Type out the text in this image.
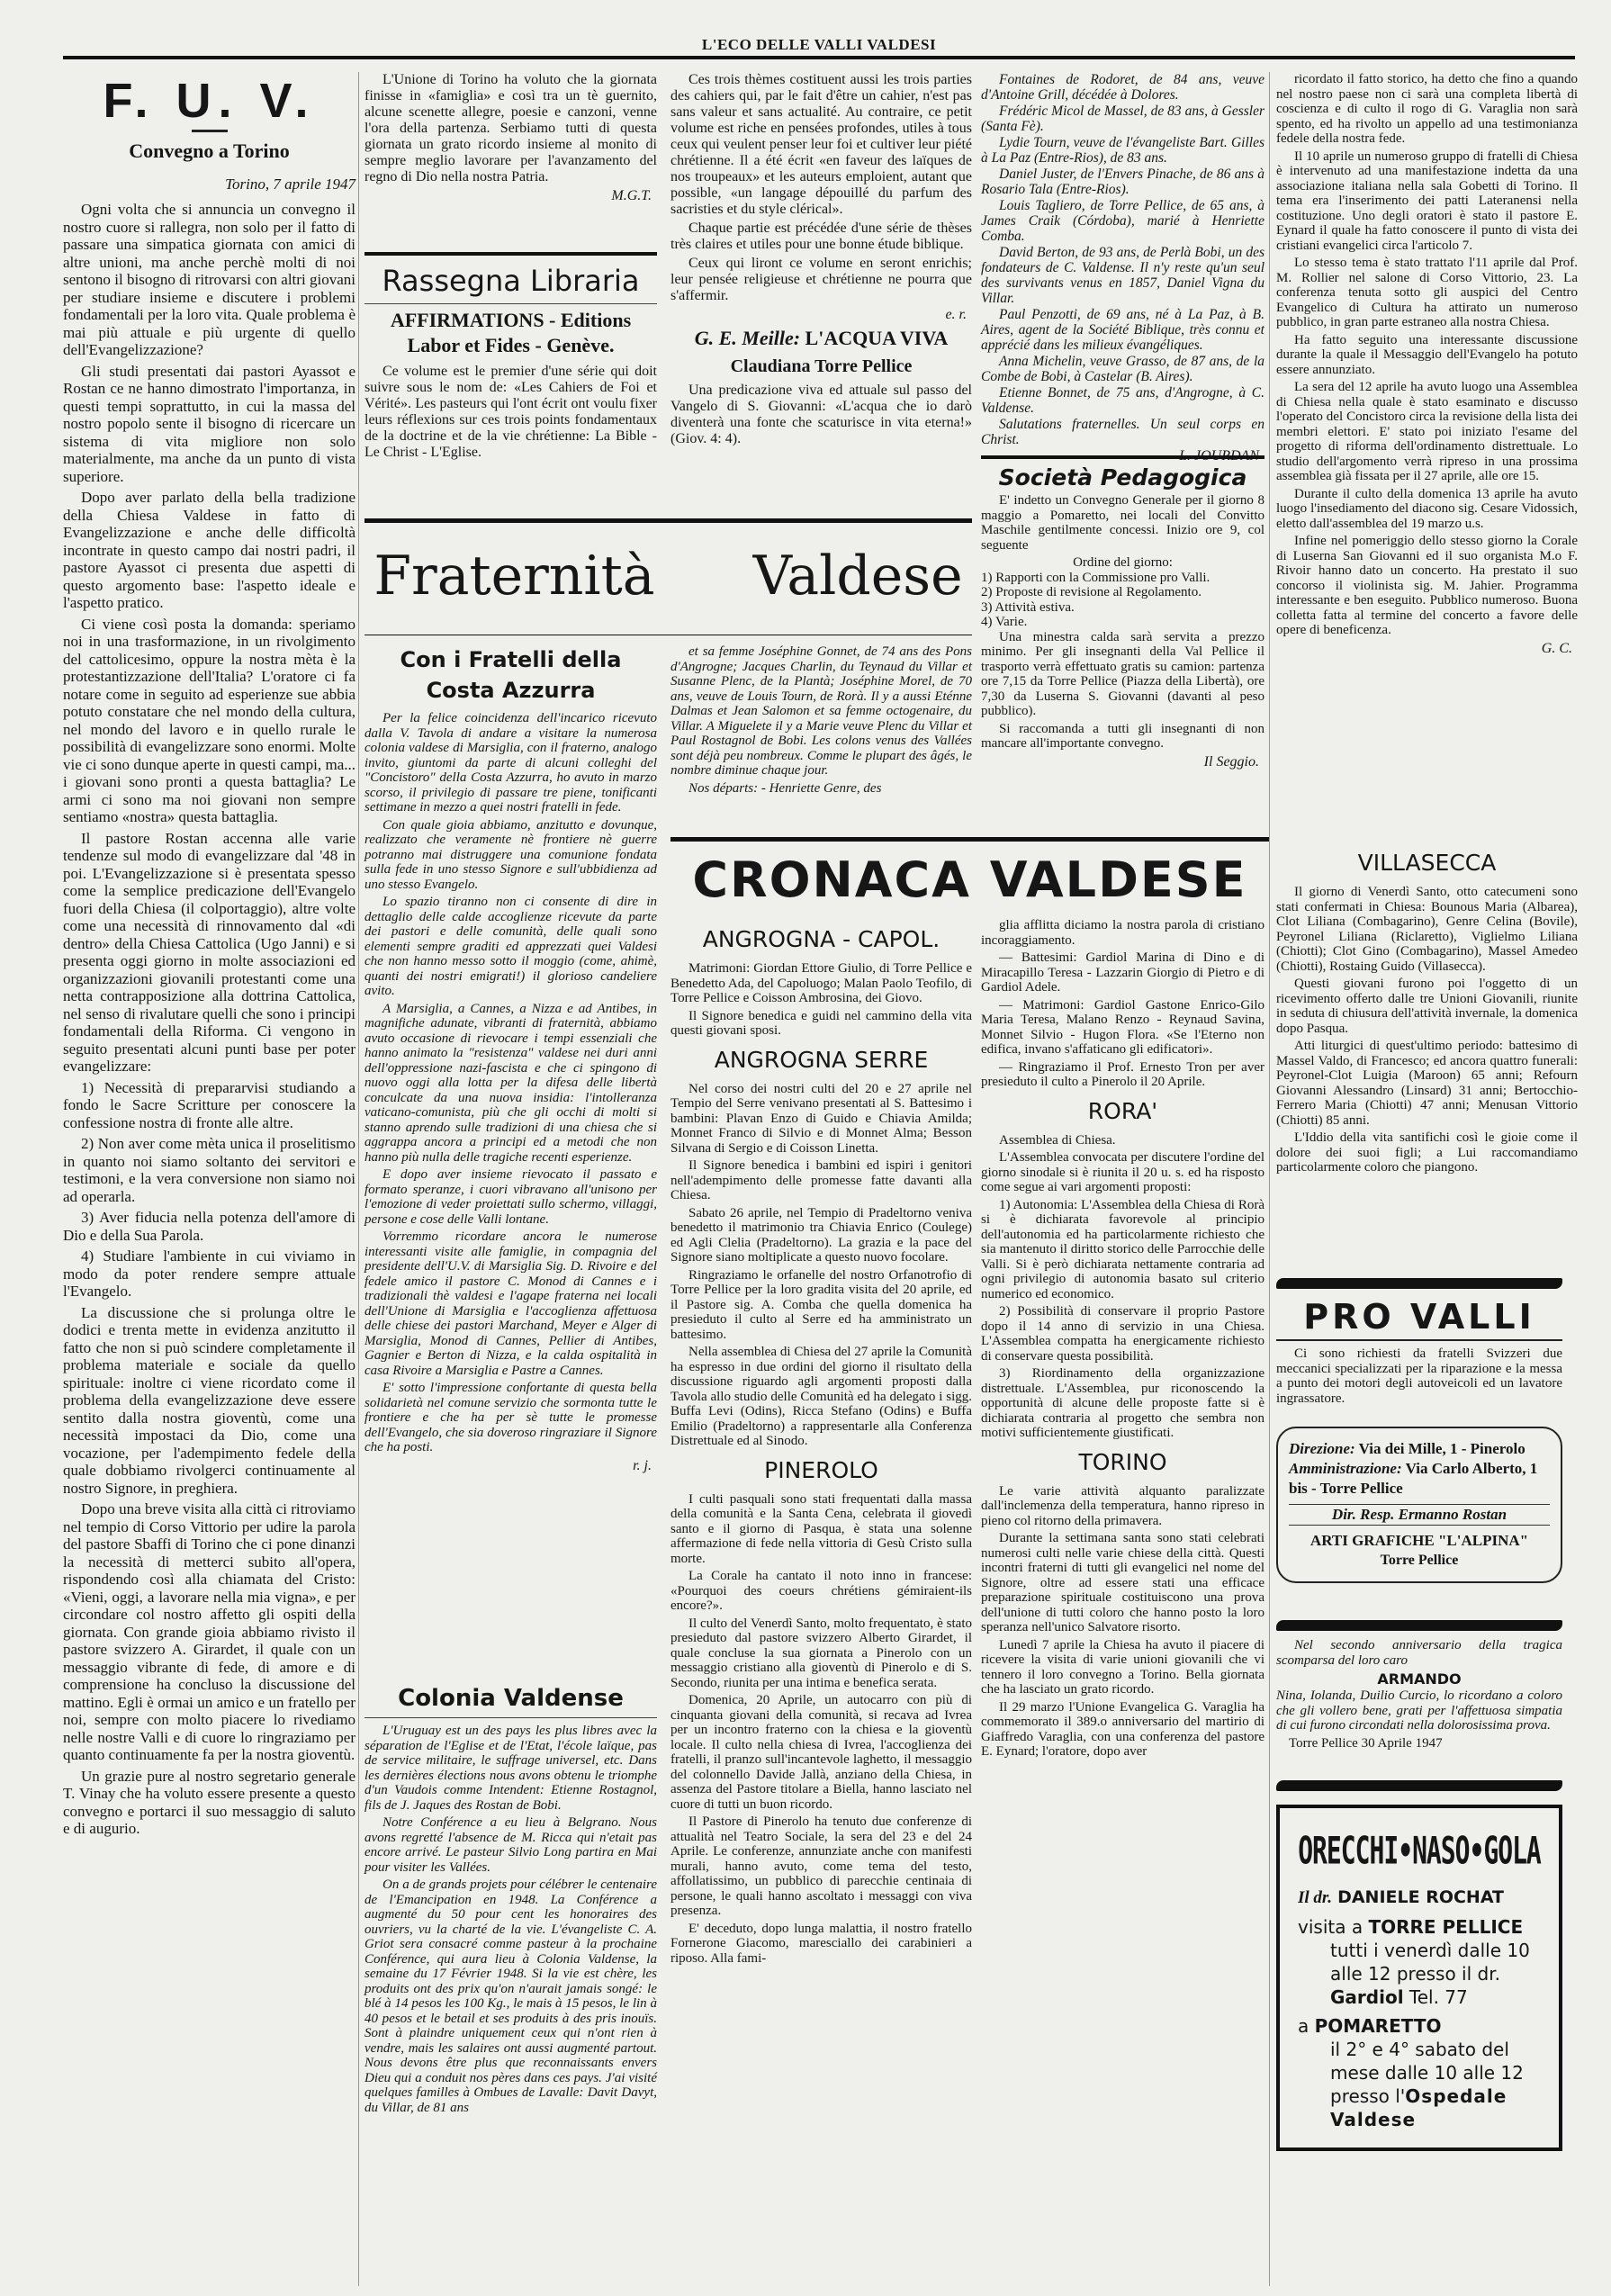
L'ECO DELLE VALLI VALDESI
F. U. V.
Convegno a Torino
Torino, 7 aprile 1947

Ogni volta che si annuncia un convegno il nostro cuore si rallegra, non solo per il fatto di passare una simpatica giornata con amici di altre unioni, ma anche perchè molti di noi sentono il bisogno di ritrovarsi con altri giovani per studiare insieme e discutere i problemi fondamentali per la loro vita. Quale problema è mai più attuale e più urgente di quello dell'Evangelizzazione?

Gli studi presentati dai pastori Ayassot e Rostan ce ne hanno dimostrato l'importanza, in questi tempi soprattutto, in cui la massa del nostro popolo sente il bisogno di ricercare un sistema di vita migliore non solo materialmente, ma anche da un punto di vista superiore.

Dopo aver parlato della bella tradizione della Chiesa Valdese in fatto di Evangelizzazione e anche delle difficoltà incontrate in questo campo dai nostri padri, il pastore Ayassot ci presenta due aspetti di questo argomento base: l'aspetto ideale e l'aspetto pratico.

Ci viene così posta la domanda: speriamo noi in una trasformazione, in un rivolgimento del cattolicesimo, oppure la nostra mèta è la protestantizzazione dell'Italia? L'oratore ci fa notare come in seguito ad esperienze sue abbia potuto constatare che nel mondo della cultura, nel mondo del lavoro e in quello rurale le possibilità di evangelizzare sono enormi. Molte vie ci sono dunque aperte in questi campi, ma... i giovani sono pronti a questa battaglia? Le armi ci sono ma noi giovani non sempre sentiamo «nostra» questa battaglia.

Il pastore Rostan accenna alle varie tendenze sul modo di evangelizzare dal '48 in poi. L'Evangelizzazione si è presentata spesso come la semplice predicazione dell'Evangelo fuori della Chiesa (il colportaggio), altre volte come una necessità di rinnovamento dal «di dentro» della Chiesa Cattolica (Ugo Janni) e si presenta oggi giorno in molte associazioni ed organizzazioni giovanili protestanti come una netta contrapposizione alla dottrina Cattolica, nel senso di rivalutare quelli che sono i principi fondamentali della Riforma. Ci vengono in seguito presentati alcuni punti base per poter evangelizzare:

1) Necessità di prepararvisi studiando a fondo le Sacre Scritture per conoscere la confessione nostra di fronte alle altre.

2) Non aver come mèta unica il proselitismo in quanto noi siamo soltanto dei servitori e testimoni, e la vera conversione non siamo noi ad operarla.

3) Aver fiducia nella potenza dell'amore di Dio e della Sua Parola.

4) Studiare l'ambiente in cui viviamo in modo da poter rendere sempre attuale l'Evangelo.

La discussione che si prolunga oltre le dodici e trenta mette in evidenza anzitutto il fatto che non si può scindere completamente il problema materiale e sociale da quello spirituale: inoltre ci viene ricordato come il problema della evangelizzazione deve essere sentito dalla nostra gioventù, come una necessità impostaci da Dio, come una vocazione, per l'adempimento fedele della quale dobbiamo rivolgerci continuamente al nostro Signore, in preghiera.

Dopo una breve visita alla città ci ritroviamo nel tempio di Corso Vittorio per udire la parola del pastore Sbaffi di Torino che ci pone dinanzi la necessità di metterci subito all'opera, rispondendo così alla chiamata del Cristo: «Vieni, oggi, a lavorare nella mia vigna», e per circondare col nostro affetto gli ospiti della giornata. Con grande gioia abbiamo rivisto il pastore svizzero A. Girardet, il quale con un messaggio vibrante di fede, di amore e di comprensione ha concluso la discussione del mattino. Egli è ormai un amico e un fratello per noi, sempre con molto piacere lo rivediamo nelle nostre Valli e di cuore lo ringraziamo per quanto continuamente fa per la nostra gioventù.

Un grazie pure al nostro segretario generale T. Vinay che ha voluto essere presente a questo convegno e portarci il suo messaggio di saluto e di augurio.

L'Unione di Torino ha voluto che la giornata finisse in «famiglia» e così tra un tè guernito, alcune scenette allegre, poesie e canzoni, venne l'ora della partenza. Serbiamo tutti di questa giornata un grato ricordo insieme al monito di sempre meglio lavorare per l'avanzamento del regno di Dio nella nostra Patria.

M.G.T.
Rassegna Libraria
AFFIRMATIONS - Editions Labor et Fides - Genève.

Ce volume est le premier d'une série qui doit suivre sous le nom de: «Les Cahiers de Foi et Vérité». Les pasteurs qui l'ont écrit ont voulu fixer leurs réflexions sur ces trois points fondamentaux de la doctrine et de la vie chrétienne: La Bible - Le Christ - L'Eglise.

Ces trois thèmes costituent aussi les trois parties des cahiers qui, par le fait d'être un cahier, n'est pas sans valeur et sans actualité. Au contraire, ce petit volume est riche en pensées profondes, utiles à tous ceux qui veulent penser leur foi et cultiver leur piété chrétienne. Il a été écrit «en faveur des laïques de nos troupeaux» et les auteurs emploient, autant que possible, «un langage dépouillé du parfum des sacristies et du style clérical».

Chaque partie est précédée d'une série de thèses très claires et utiles pour une bonne étude biblique.

Ceux qui liront ce volume en seront enrichis; leur pensée religieuse et chrétienne ne pourra que s'affermir.

e. r.
G. E. Meille: L'ACQUA VIVA
Claudiana Torre Pellice

Una predicazione viva ed attuale sul passo del Vangelo di S. Giovanni: «L'acqua che io darò diventerà una fonte che scaturisce in vita eterna!» (Giov. 4: 4).

Fontaines de Rodoret, de 84 ans, veuve d'Antoine Grill, décédée à Dolores.

Frédéric Micol de Massel, de 83 ans, à Gessler (Santa Fè).

Lydie Tourn, veuve de l'évangeliste Bart. Gilles à La Paz (Entre-Rios), de 83 ans.

Daniel Juster, de l'Envers Pinache, de 86 ans à Rosario Tala (Entre-Rios).

Louis Tagliero, de Torre Pellice, de 65 ans, à James Craik (Córdoba), marié à Henriette Comba.

David Berton, de 93 ans, de Perlà Bobi, un des fondateurs de C. Valdense. Il n'y reste qu'un seul des survivants venus en 1857, Daniel Vigna du Villar.

Paul Penzotti, de 69 ans, né à La Paz, à B. Aires, agent de la Société Biblique, très connu et apprécié dans les milieux évangéliques.

Anna Michelin, veuve Grasso, de 87 ans, de la Combe de Bobi, à Castelar (B. Aires).

Etienne Bonnet, de 75 ans, d'Angrogne, à C. Valdense.

Salutations fraternelles. Un seul corps en Christ.

Società Pedagogica

E' indetto un Convegno Generale per il giorno 8 maggio a Pomaretto, nei locali del Convitto Maschile gentilmente concessi. Inizio ore 9, col seguente

Ordine del giorno:
1) Rapporti con la Commissione pro Valli.
2) Proposte di revisione al Regolamento.
3) Attività estiva.
4) Varie.

Una minestra calda sarà servita a prezzo minimo. Per gli insegnanti della Val Pellice il trasporto verrà effettuato gratis su camion: partenza ore 7,15 da Torre Pellice (Piazza della Libertà), ore 7,30 da Luserna S. Giovanni (davanti al peso pubblico).

Si raccomanda a tutti gli insegnanti di non mancare all'importante convegno.

Il Seggio.
Fraternità Valdese
Con i Fratelli della Costa Azzurra

Per la felice coincidenza dell'incarico ricevuto dalla V. Tavola di andare a visitare la numerosa colonia valdese di Marsiglia, con il fraterno, analogo invito, giuntomi da parte di alcuni colleghi del "Concistoro" della Costa Azzurra, ho avuto in marzo scorso, il privilegio di passare tre piene, tonificanti settimane in mezzo a quei nostri fratelli in fede.

Con quale gioia abbiamo, anzitutto e dovunque, realizzato che veramente nè frontiere nè guerre potranno mai distruggere una comunione fondata sulla fede in uno stesso Signore e sull'ubbidienza ad uno stesso Evangelo.

Lo spazio tiranno non ci consente di dire in dettaglio delle calde accoglienze ricevute da parte dei pastori e delle comunità, delle quali sono elementi sempre graditi ed apprezzati quei Valdesi che non hanno messo sotto il moggio (come, ahimè, quanti dei nostri emigrati!) il glorioso candeliere avito.

A Marsiglia, a Cannes, a Nizza e ad Antibes, in magnifiche adunate, vibranti di fraternità, abbiamo avuto occasione di rievocare i tempi essenziali che hanno animato la "resistenza" valdese nei duri anni dell'oppressione nazi-fascista e che ci spingono di nuovo oggi alla lotta per la difesa delle libertà conculcate da una nuova insidia: l'intolleranza vaticano-comunista, più che gli occhi di molti si stanno aprendo sulle tradizioni di una chiesa che si aggrappa ancora a principi ed a metodi che non hanno più nulla delle tragiche recenti esperienze.

E dopo aver insieme rievocato il passato e formato speranze, i cuori vibravano all'unisono per l'emozione di veder proiettati sullo schermo, villaggi, persone e cose delle Valli lontane.

Vorremmo ricordare ancora le numerose interessanti visite alle famiglie, in compagnia del presidente dell'U.V. di Marsiglia Sig. D. Rivoire e del fedele amico il pastore C. Monod di Cannes e i tradizionali thè valdesi e l'agape fraterna nei locali dell'Unione di Marsiglia e l'accoglienza affettuosa delle chiese dei pastori Marchand, Meyer e Alger di Marsiglia, Monod di Cannes, Pellier di Antibes, Gagnier e Berton di Nizza, e la calda ospitalità in casa Rivoire a Marsiglia e Pastre a Cannes.

E' sotto l'impressione confortante di questa bella solidarietà nel comune servizio che sormonta tutte le frontiere e che ha per sè tutte le promesse dell'Evangelo, che sia doveroso ringraziare il Signore che ha posti.

r. j.

et sa femme Joséphine Gonnet, de 74 ans des Pons d'Angrogne; Jacques Charlin, du Teynaud du Villar et Susanne Plenc, de la Plantà; Joséphine Morel, de 70 ans, veuve de Louis Tourn, de Rorà. Il y a aussi Eténne Dalmas et Jean Salomon et sa femme octogenaire, du Villar. A Miguelete il y a Marie veuve Plenc du Villar et Paul Rostagnol de Bobi. Les colons venus des Vallées sont déjà peu nombreux. Comme le plupart des âgés, le nombre diminue chaque jour.

Nos départs: - Henriette Genre, des

Colonia Valdense

L'Uruguay est un des pays les plus libres avec la séparation de l'Eglise et de l'Etat, l'école laïque, pas de service militaire, le suffrage universel, etc. Dans les dernières élections nous avons obtenu le triomphe d'un Vaudois comme Intendent: Etienne Rostagnol, fils de J. Jaques des Rostan de Bobi.

Notre Conférence a eu lieu à Belgrano. Nous avons regretté l'absence de M. Ricca qui n'etait pas encore arrivé. Le pasteur Silvio Long partira en Mai pour visiter les Vallées.

On a de grands projets pour célébrer le centenaire de l'Emancipation en 1948. La Conférence a augmenté du 50 pour cent les honoraires des ouvriers, vu la charté de la vie. L'évangeliste C. A. Griot sera consacré comme pasteur à la prochaine Conférence, qui aura lieu à Colonia Valdense, la semaine du 17 Février 1948. Si la vie est chère, les produits ont des prix qu'on n'aurait jamais songé: le blé à 14 pesos les 100 Kg., le mais à 15 pesos, le lin à 40 pesos et le betail et ses produits à des pris inouïs. Sont à plaindre uniquement ceux qui n'ont rien à vendre, mais les salaires ont aussi augmenté partout. Nous devons être plus que reconnaissants envers Dieu qui a conduit nos pères dans ces pays. J'ai visité quelques familles à Ombues de Lavalle: Davit Davyt, du Villar, de 81 ans

CRONACA VALDESE
ANGROGNA - CAPOL.

Matrimoni: Giordan Ettore Giulio, di Torre Pellice e Benedetto Ada, del Capoluogo; Malan Paolo Teofilo, di Torre Pellice e Coisson Ambrosina, dei Giovo.

Il Signore benedica e guidi nel cammino della vita questi giovani sposi.

ANGROGNA SERRE

Nel corso dei nostri culti del 20 e 27 aprile nel Tempio del Serre venivano presentati al S. Battesimo i bambini: Plavan Enzo di Guido e Chiavia Amilda; Monnet Franco di Silvio e di Monnet Alma; Besson Silvana di Sergio e di Coisson Linetta.

Il Signore benedica i bambini ed ispiri i genitori nell'adempimento delle promesse fatte davanti alla Chiesa.

Sabato 26 aprile, nel Tempio di Pradeltorno veniva benedetto il matrimonio tra Chiavia Enrico (Coulege) ed Agli Clelia (Pradeltorno). La grazia e la pace del Signore siano moltiplicate a questo nuovo focolare.

Ringraziamo le orfanelle del nostro Orfanotrofio di Torre Pellice per la loro gradita visita del 20 aprile, ed il Pastore sig. A. Comba che quella domenica ha presieduto il culto al Serre ed ha amministrato un battesimo.

Nella assemblea di Chiesa del 27 aprile la Comunità ha espresso in due ordini del giorno il risultato della discussione riguardo agli argomenti proposti dalla Tavola allo studio delle Comunità ed ha delegato i sigg. Buffa Levi (Odins), Ricca Stefano (Odins) e Buffa Emilio (Pradeltorno) a rappresentarle alla Conferenza Distrettuale ed al Sinodo.

PINEROLO

I culti pasquali sono stati frequentati dalla massa della comunità e la Santa Cena, celebrata il giovedì santo e il giorno di Pasqua, è stata una solenne affermazione di fede nella vittoria di Gesù Cristo sulla morte.

La Corale ha cantato il noto inno in francese: «Pourquoi des coeurs chrétiens gémiraient-ils encore?».

Il culto del Venerdì Santo, molto frequentato, è stato presieduto dal pastore svizzero Alberto Girardet, il quale concluse la sua giornata a Pinerolo con un messaggio cristiano alla gioventù di Pinerolo e di S. Secondo, riunita per una intima e benefica serata.

Domenica, 20 Aprile, un autocarro con più di cinquanta giovani della comunità, si recava ad Ivrea per un incontro fraterno con la chiesa e la gioventù locale. Il culto nella chiesa di Ivrea, l'accoglienza dei fratelli, il pranzo sull'incantevole laghetto, il messaggio del colonnello Davide Jallà, anziano della Chiesa, in assenza del Pastore titolare a Biella, hanno lasciato nel cuore di tutti un buon ricordo.

Il Pastore di Pinerolo ha tenuto due conferenze di attualità nel Teatro Sociale, la sera del 23 e del 24 Aprile. Le conferenze, annunziate anche con manifesti murali, hanno avuto, come tema del testo, affollatissimo, un pubblico di parecchie centinaia di persone, le quali hanno ascoltato i messaggi con viva presenza.

E' deceduto, dopo lunga malattia, il nostro fratello Fornerone Giacomo, maresciallo dei carabinieri a riposo. Alla fami-

glia afflitta diciamo la nostra parola di cristiano incoraggiamento.

— Battesimi: Gardiol Marina di Dino e di Miracapillo Teresa - Lazzarin Giorgio di Pietro e di Gardiol Adele.

— Matrimoni: Gardiol Gastone Enrico-Gilo Maria Teresa, Malano Renzo - Reynaud Savina, Monnet Silvio - Hugon Flora. «Se l'Eterno non edifica, invano s'affaticano gli edificatori».

— Ringraziamo il Prof. Ernesto Tron per aver presieduto il culto a Pinerolo il 20 Aprile.

RORA'

Assemblea di Chiesa.

L'Assemblea convocata per discutere l'ordine del giorno sinodale si è riunita il 20 u. s. ed ha risposto come segue ai vari argomenti proposti:

1) Autonomia: L'Assemblea della Chiesa di Rorà si è dichiarata favorevole al principio dell'autonomia ed ha particolarmente richiesto che sia mantenuto il diritto storico delle Parrocchie delle Valli. Si è però dichiarata nettamente contraria ad ogni privilegio di autonomia basato sul criterio numerico ed economico.

2) Possibilità di conservare il proprio Pastore dopo il 14 anno di servizio in una Chiesa. L'Assemblea compatta ha energicamente richiesto di conservare questa possibilità.

3) Riordinamento della organizzazione distrettuale. L'Assemblea, pur riconoscendo la opportunità di alcune delle proposte fatte si è dichiarata contraria al progetto che sembra non motivi sufficientemente giustificati.

TORINO

Le varie attività alquanto paralizzate dall'inclemenza della temperatura, hanno ripreso in pieno col ritorno della primavera.

Durante la settimana santa sono stati celebrati numerosi culti nelle varie chiese della città. Questi incontri fraterni di tutti gli evangelici nel nome del Signore, oltre ad essere stati una efficace preparazione spirituale costituiscono una prova dell'unione di tutti coloro che hanno posto la loro speranza nell'unico Salvatore risorto.

Lunedì 7 aprile la Chiesa ha avuto il piacere di ricevere la visita di varie unioni giovanili che vi tennero il loro convegno a Torino. Bella giornata che ha lasciato un grato ricordo.

Il 29 marzo l'Unione Evangelica G. Varaglia ha commemorato il 389.o anniversario del martirio di Giaffredo Varaglia, con una conferenza del pastore E. Eynard; l'oratore, dopo aver

ricordato il fatto storico, ha detto che fino a quando nel nostro paese non ci sarà una completa libertà di coscienza e di culto il rogo di G. Varaglia non sarà spento, ed ha rivolto un appello ad una testimonianza fedele della nostra fede.

Il 10 aprile un numeroso gruppo di fratelli di Chiesa è intervenuto ad una manifestazione indetta da una associazione italiana nella sala Gobetti di Torino. Il tema era l'inserimento dei patti Lateranensi nella costituzione. Uno degli oratori è stato il pastore E. Eynard il quale ha fatto conoscere il punto di vista dei cristiani evangelici circa l'articolo 7.

Lo stesso tema è stato trattato l'11 aprile dal Prof. M. Rollier nel salone di Corso Vittorio, 23. La conferenza tenuta sotto gli auspici del Centro Evangelico di Cultura ha attirato un numeroso pubblico, in gran parte estraneo alla nostra Chiesa.

Ha fatto seguito una interessante discussione durante la quale il Messaggio dell'Evangelo ha potuto essere annunziato.

La sera del 12 aprile ha avuto luogo una Assemblea di Chiesa nella quale è stato esaminato e discusso l'operato del Concistoro circa la revisione della lista dei membri elettori. E' stato poi iniziato l'esame del progetto di riforma dell'ordinamento distrettuale. Lo studio dell'argomento verrà ripreso in una prossima assemblea già fissata per il 27 aprile, alle ore 15.

Durante il culto della domenica 13 aprile ha avuto luogo l'insediamento del diacono sig. Cesare Vidossich, eletto dall'assemblea del 19 marzo u.s.

Infine nel pomeriggio dello stesso giorno la Corale di Luserna San Giovanni ed il suo organista M.o F. Rivoir hanno dato un concerto. Ha prestato il suo concorso il violinista sig. M. Jahier. Programma interessante e ben eseguito. Pubblico numeroso. Buona colletta fatta al termine del concerto a favore delle opere di beneficenza.

G. C.
VILLASECCA

Il giorno di Venerdì Santo, otto catecumeni sono stati confermati in Chiesa: Bounous Maria (Albarea), Clot Liliana (Combagarino), Genre Celina (Bovile), Peyronel Liliana (Riclaretto), Viglielmo Liliana (Chiotti); Clot Gino (Combagarino), Massel Amedeo (Chiotti), Rostaing Guido (Villasecca).

Questi giovani furono poi l'oggetto di un ricevimento offerto dalle tre Unioni Giovanili, riunite in seduta di chiusura dell'attività invernale, la domenica dopo Pasqua.

Atti liturgici di quest'ultimo periodo: battesimo di Massel Valdo, di Francesco; ed ancora quattro funerali: Peyronel-Clot Luigia (Maroon) 65 anni; Refourn Giovanni Alessandro (Linsard) 31 anni; Bertocchio-Ferrero Maria (Chiotti) 47 anni; Menusan Vittorio (Chiotti) 85 anni.

L'Iddio della vita santifichi così le gioie come il dolore dei suoi figli; a Lui raccomandiamo particolarmente coloro che piangono.

PRO VALLI

Ci sono richiesti da fratelli Svizzeri due meccanici specializzati per la riparazione e la messa a punto dei motori degli autoveicoli ed un lavatore ingrassatore.

Direzione: Via dei Mille, 1 - Pinerolo
Amministrazione: Via Carlo Alberto, 1 bis - Torre Pellice
Dir. Resp. Ermanno Rostan
ARTI GRAFICHE "L'ALPINA"
Torre Pellice

Nel secondo anniversario della tragica scomparsa del loro caro

ARMANDO

Nina, Iolanda, Duilio Curcio, lo ricordano a coloro che gli vollero bene, grati per l'affettuosa simpatia di cui furono circondati nella dolorosissima prova.

Torre Pellice 30 Aprile 1947
ORECCHI•NASO•GOLA
Il dr. DANIELE ROCHAT
visita a TORRE PELLICE
tutti i venerdì dalle 10 alle 12 presso il dr. Gardiol Tel. 77
a POMARETTO
il 2° e 4° sabato del mese dalle 10 alle 12 presso l'Ospedale Valdese
